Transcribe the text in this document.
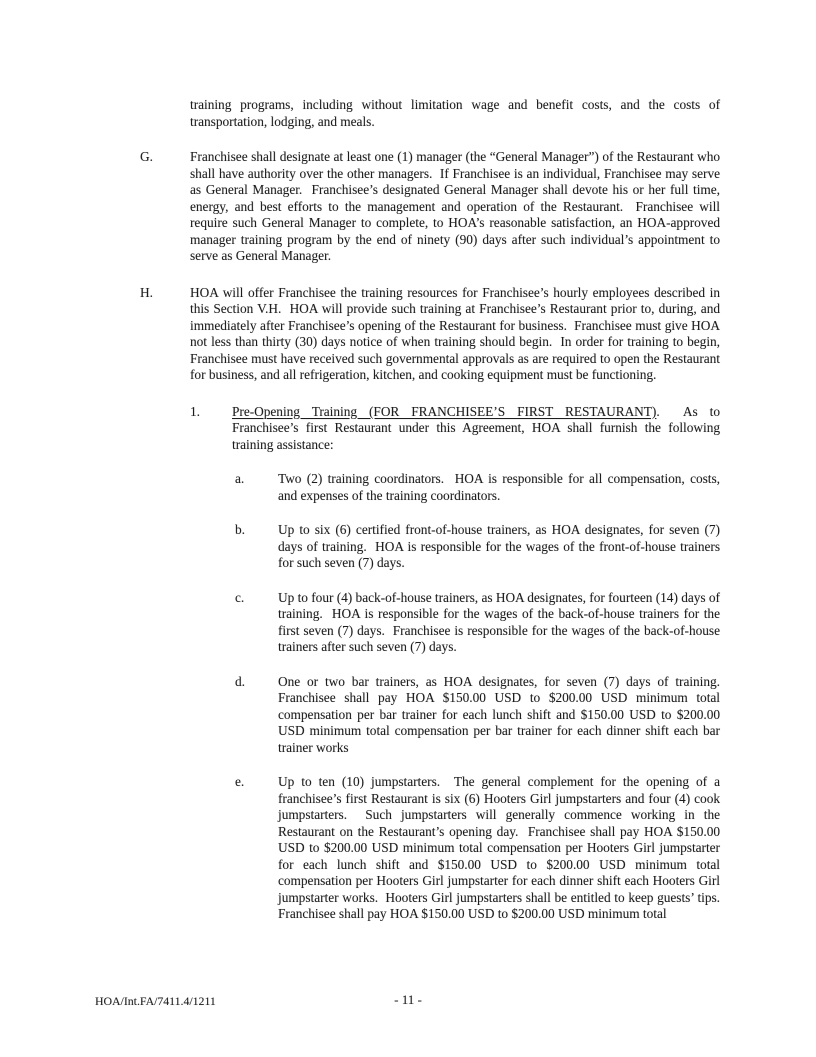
training programs, including without limitation wage and benefit costs, and the costs of transportation, lodging, and meals.

G.	Franchisee shall designate at least one (1) manager (the “General Manager”) of the Restaurant who shall have authority over the other managers.  If Franchisee is an individual, Franchisee may serve as General Manager.  Franchisee’s designated General Manager shall devote his or her full time, energy, and best efforts to the management and operation of the Restaurant.  Franchisee will require such General Manager to complete, to HOA’s reasonable satisfaction, an HOA-approved manager training program by the end of ninety (90) days after such individual’s appointment to serve as General Manager.
H.	HOA will offer Franchisee the training resources for Franchisee’s hourly employees described in this Section V.H.  HOA will provide such training at Franchisee’s Restaurant prior to, during, and immediately after Franchisee’s opening of the Restaurant for business.  Franchisee must give HOA not less than thirty (30) days notice of when training should begin.  In order for training to begin, Franchisee must have received such governmental approvals as are required to open the Restaurant for business, and all refrigeration, kitchen, and cooking equipment must be functioning.
1.	Pre-Opening Training (FOR FRANCHISEE’S FIRST RESTAURANT).  As to Franchisee’s first Restaurant under this Agreement, HOA shall furnish the following training assistance:
a.	Two (2) training coordinators.  HOA is responsible for all compensation, costs, and expenses of the training coordinators.
b.	Up to six (6) certified front-of-house trainers, as HOA designates, for seven (7) days of training.  HOA is responsible for the wages of the front-of-house trainers for such seven (7) days.
c.	Up to four (4) back-of-house trainers, as HOA designates, for fourteen (14) days of training.  HOA is responsible for the wages of the back-of-house trainers for the first seven (7) days.  Franchisee is responsible for the wages of the back-of-house trainers after such seven (7) days.
d.	One or two bar trainers, as HOA designates, for seven (7) days of training.  Franchisee shall pay HOA $150.00 USD to $200.00 USD minimum total compensation per bar trainer for each lunch shift and $150.00 USD to $200.00 USD minimum total compensation per bar trainer for each dinner shift each bar trainer works
e.	Up to ten (10) jumpstarters.  The general complement for the opening of a franchisee’s first Restaurant is six (6) Hooters Girl jumpstarters and four (4) cook jumpstarters.  Such jumpstarters will generally commence working in the Restaurant on the Restaurant’s opening day.  Franchisee shall pay HOA $150.00 USD to $200.00 USD minimum total compensation per Hooters Girl jumpstarter for each lunch shift and $150.00 USD to $200.00 USD minimum total compensation per Hooters Girl jumpstarter for each dinner shift each Hooters Girl jumpstarter works.  Hooters Girl jumpstarters shall be entitled to keep guests’ tips.  Franchisee shall pay HOA $150.00 USD to $200.00 USD minimum total
HOA/Int.FA/7411.4/1211	- 11 -
